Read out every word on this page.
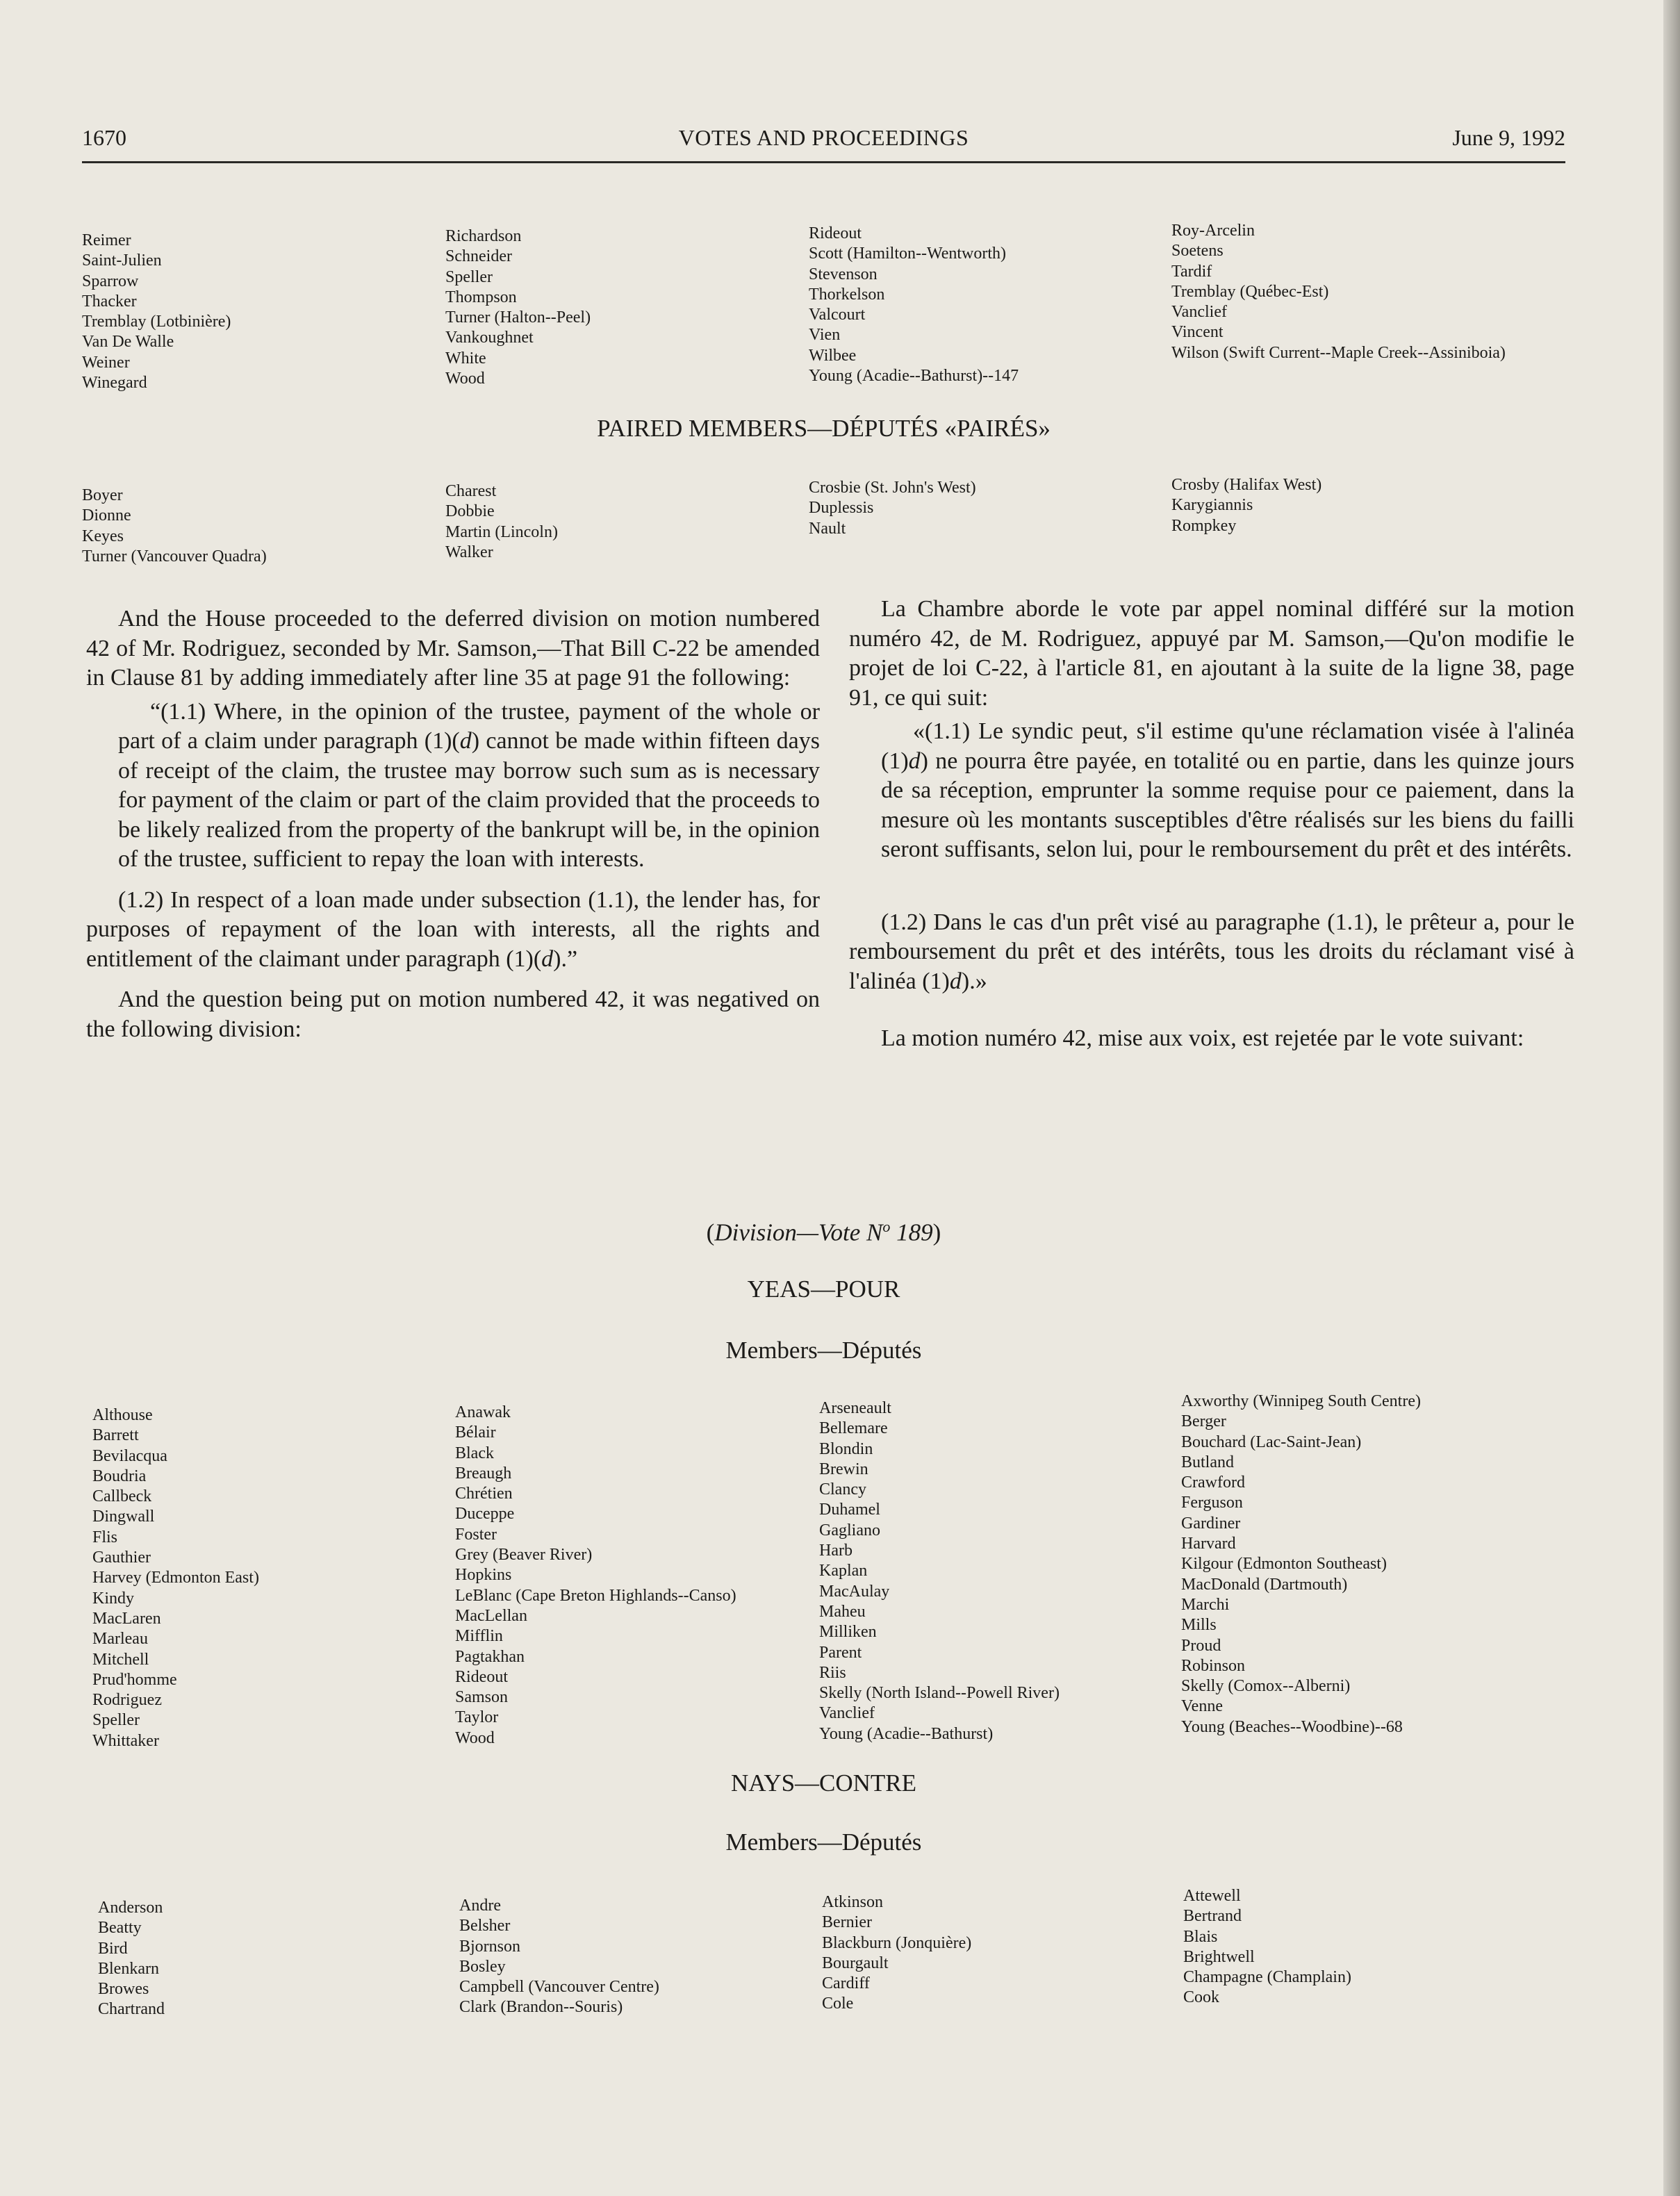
1670	VOTES AND PROCEEDINGS	June 9, 1992
Reimer
Saint-Julien
Sparrow
Thacker
Tremblay (Lotbinière)
Van De Walle
Weiner
Winegard
Richardson
Schneider
Speller
Thompson
Turner (Halton--Peel)
Vankoughnet
White
Wood
Rideout
Scott (Hamilton--Wentworth)
Stevenson
Thorkelson
Valcourt
Vien
Wilbee
Young (Acadie--Bathurst)--147
Roy-Arcelin
Soetens
Tardif
Tremblay (Québec-Est)
Vanclief
Vincent
Wilson (Swift Current--Maple Creek--Assiniboia)
PAIRED MEMBERS—DÉPUTÉS «PAIRÉS»
Boyer
Dionne
Keyes
Turner (Vancouver Quadra)
Charest
Dobbie
Martin (Lincoln)
Walker
Crosbie (St. John's West)
Duplessis
Nault
Crosby (Halifax West)
Karygiannis
Rompkey

And the House proceeded to the deferred division on motion numbered 42 of Mr. Rodriguez, seconded by Mr. Samson,—That Bill C-22 be amended in Clause 81 by adding immediately after line 35 at page 91 the following:

“(1.1) Where, in the opinion of the trustee, payment of the whole or part of a claim under paragraph (1)(d) cannot be made within fifteen days of receipt of the claim, the trustee may borrow such sum as is necessary for payment of the claim or part of the claim provided that the proceeds to be likely realized from the property of the bankrupt will be, in the opinion of the trustee, sufficient to repay the loan with interests.

(1.2) In respect of a loan made under subsection (1.1), the lender has, for purposes of repayment of the loan with interests, all the rights and entitlement of the claimant under paragraph (1)(d).”

And the question being put on motion numbered 42, it was negatived on the following division:

La Chambre aborde le vote par appel nominal différé sur la motion numéro 42, de M. Rodriguez, appuyé par M. Samson,—Qu'on modifie le projet de loi C-22, à l'article 81, en ajoutant à la suite de la ligne 38, page 91, ce qui suit:

«(1.1) Le syndic peut, s'il estime qu'une réclamation visée à l'alinéa (1)d) ne pourra être payée, en totalité ou en partie, dans les quinze jours de sa réception, emprunter la somme requise pour ce paiement, dans la mesure où les montants susceptibles d'être réalisés sur les biens du failli seront suffisants, selon lui, pour le remboursement du prêt et des intérêts.

(1.2) Dans le cas d'un prêt visé au paragraphe (1.1), le prêteur a, pour le remboursement du prêt et des intérêts, tous les droits du réclamant visé à l'alinéa (1)d).»

La motion numéro 42, mise aux voix, est rejetée par le vote suivant:

(Division—Vote $N^o$ 189)
YEAS—POUR
Members—Députés
Althouse
Barrett
Bevilacqua
Boudria
Callbeck
Dingwall
Flis
Gauthier
Harvey (Edmonton East)
Kindy
MacLaren
Marleau
Mitchell
Prud'homme
Rodriguez
Speller
Whittaker
Anawak
Bélair
Black
Breaugh
Chrétien
Duceppe
Foster
Grey (Beaver River)
Hopkins
LeBlanc (Cape Breton Highlands--Canso)
MacLellan
Mifflin
Pagtakhan
Rideout
Samson
Taylor
Wood
Arseneault
Bellemare
Blondin
Brewin
Clancy
Duhamel
Gagliano
Harb
Kaplan
MacAulay
Maheu
Milliken
Parent
Riis
Skelly (North Island--Powell River)
Vanclief
Young (Acadie--Bathurst)
Axworthy (Winnipeg South Centre)
Berger
Bouchard (Lac-Saint-Jean)
Butland
Crawford
Ferguson
Gardiner
Harvard
Kilgour (Edmonton Southeast)
MacDonald (Dartmouth)
Marchi
Mills
Proud
Robinson
Skelly (Comox--Alberni)
Venne
Young (Beaches--Woodbine)--68
NAYS—CONTRE
Members—Députés
Anderson
Beatty
Bird
Blenkarn
Browes
Chartrand
Andre
Belsher
Bjornson
Bosley
Campbell (Vancouver Centre)
Clark (Brandon--Souris)
Atkinson
Bernier
Blackburn (Jonquière)
Bourgault
Cardiff
Cole
Attewell
Bertrand
Blais
Brightwell
Champagne (Champlain)
Cook
